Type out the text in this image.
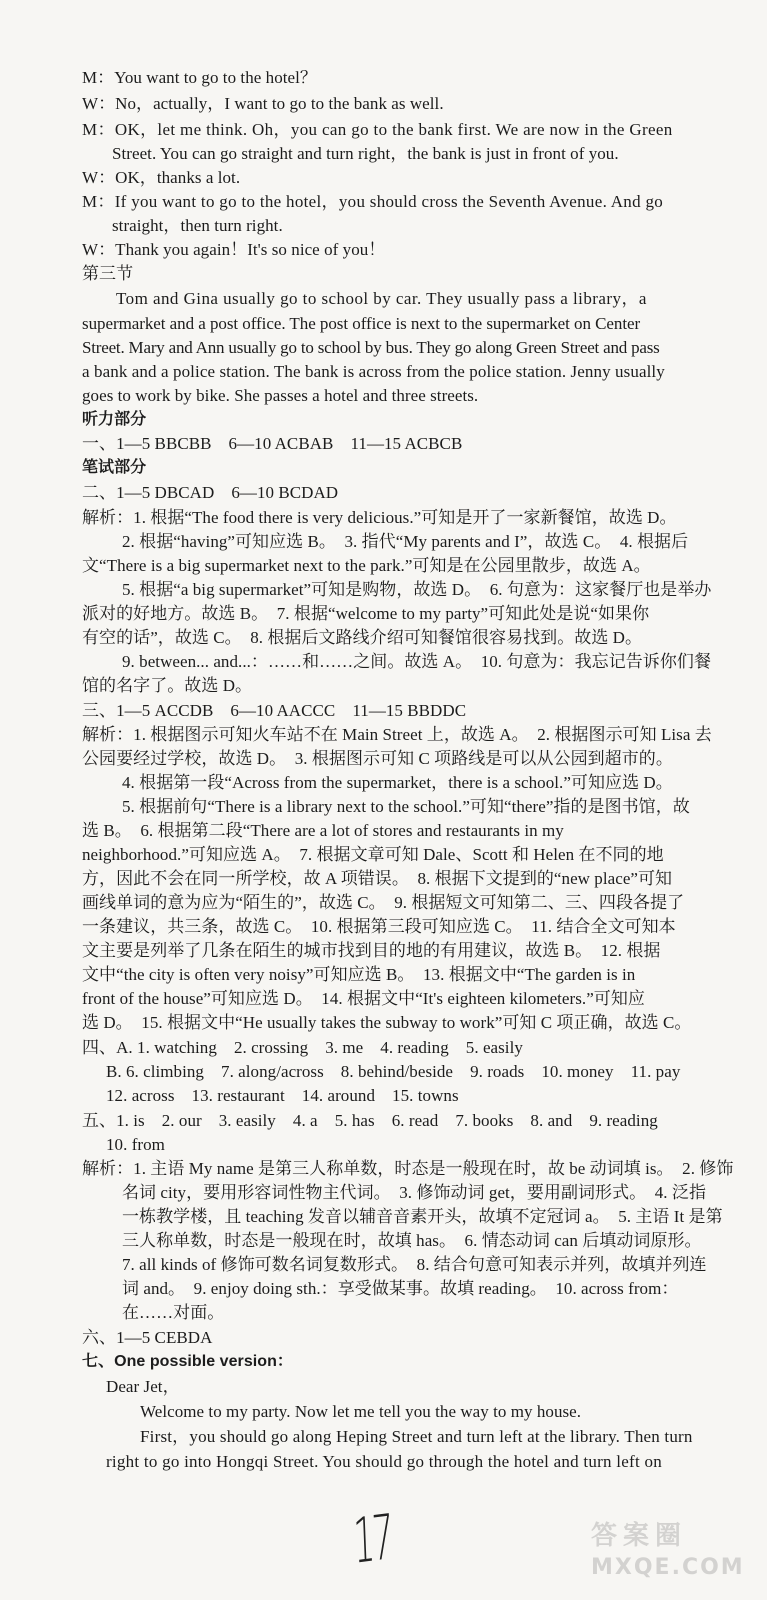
M：You want to go to the hotel？
W：No，actually，I want to go to the bank as well.
M：OK，let me think. Oh，you can go to the bank first. We are now in the Green
Street. You can go straight and turn right，the bank is just in front of you.
W：OK，thanks a lot.
M：If you want to go to the hotel，you should cross the Seventh Avenue. And go
straight，then turn right.
W：Thank you again！It's so nice of you！
第三节
Tom and Gina usually go to school by car. They usually pass a library，a
supermarket and a post office. The post office is next to the supermarket on Center
Street. Mary and Ann usually go to school by bus. They go along Green Street and pass
a bank and a police station. The bank is across from the police station. Jenny usually
goes to work by bike. She passes a hotel and three streets.
听力部分
一、1—5 BBCBB　6—10 ACBAB　11—15 ACBCB
笔试部分
二、1—5 DBCAD　6—10 BCDAD
解析：1. 根据“The food there is very delicious.”可知是开了一家新餐馆，故选 D。
2. 根据“having”可知应选 B。　3. 指代“My parents and I”，故选 C。　4. 根据后
文“There is a big supermarket next to the park.”可知是在公园里散步，故选 A。
5. 根据“a big supermarket”可知是购物，故选 D。　6. 句意为：这家餐厅也是举办
派对的好地方。故选 B。　7. 根据“welcome to my party”可知此处是说“如果你
有空的话”，故选 C。　8. 根据后文路线介绍可知餐馆很容易找到。故选 D。
9. between... and...：……和……之间。故选 A。　10. 句意为：我忘记告诉你们餐
馆的名字了。故选 D。
三、1—5 ACCDB　6—10 AACCC　11—15 BBDDC
解析：1. 根据图示可知火车站不在 Main Street 上，故选 A。　2. 根据图示可知 Lisa 去
公园要经过学校，故选 D。　3. 根据图示可知 C 项路线是可以从公园到超市的。
4. 根据第一段“Across from the supermarket，there is a school.”可知应选 D。
5. 根据前句“There is a library next to the school.”可知“there”指的是图书馆，故
选 B。　6. 根据第二段“There are a lot of stores and restaurants in my
neighborhood.”可知应选 A。　7. 根据文章可知 Dale、Scott 和 Helen 在不同的地
方，因此不会在同一所学校，故 A 项错误。　8. 根据下文提到的“new place”可知
画线单词的意为应为“陌生的”，故选 C。　9. 根据短文可知第二、三、四段各提了
一条建议，共三条，故选 C。　10. 根据第三段可知应选 C。　11. 结合全文可知本
文主要是列举了几条在陌生的城市找到目的地的有用建议，故选 B。　12. 根据
文中“the city is often very noisy”可知应选 B。　13. 根据文中“The garden is in
front of the house”可知应选 D。　14. 根据文中“It's eighteen kilometers.”可知应
选 D。　15. 根据文中“He usually takes the subway to work”可知 C 项正确，故选 C。
四、A. 1. watching　2. crossing　3. me　4. reading　5. easily
B. 6. climbing　7. along/across　8. behind/beside　9. roads　10. money　11. pay
12. across　13. restaurant　14. around　15. towns
五、1. is　2. our　3. easily　4. a　5. has　6. read　7. books　8. and　9. reading
10. from
解析：1. 主语 My name 是第三人称单数，时态是一般现在时，故 be 动词填 is。　2. 修饰
名词 city，要用形容词性物主代词。　3. 修饰动词 get，要用副词形式。　4. 泛指
一栋教学楼，且 teaching 发音以辅音音素开头，故填不定冠词 a。　5. 主语 It 是第
三人称单数，时态是一般现在时，故填 has。　6. 情态动词 can 后填动词原形。
7. all kinds of 修饰可数名词复数形式。　8. 结合句意可知表示并列，故填并列连
词 and。　9. enjoy doing sth.：享受做某事。故填 reading。　10. across from：
在……对面。
六、1—5 CEBDA
七、One possible version：
Dear Jet，
Welcome to my party. Now let me tell you the way to my house.
First，you should go along Heping Street and turn left at the library. Then turn
right to go into Hongqi Street. You should go through the hotel and turn left on
17	答案圈
MXQE.COM
